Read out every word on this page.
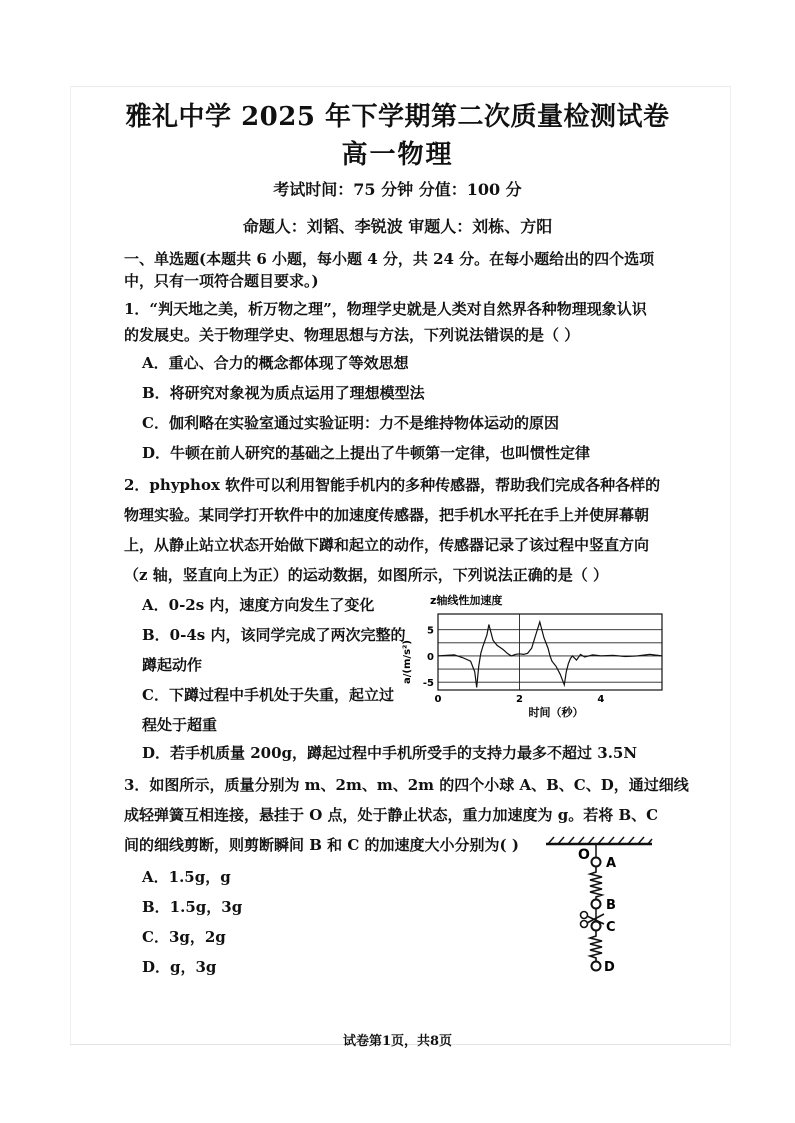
雅礼中学 2025 年下学期第二次质量检测试卷
高一物理
考试时间：75 分钟 分值：100 分
命题人：刘韬、李锐波 审题人：刘栋、方阳
一、单选题(本题共 6 小题，每小题 4 分，共 24 分。在每小题给出的四个选项
中，只有一项符合题目要求。)
1．“判天地之美，析万物之理”，物理学史就是人类对自然界各种物理现象认识
的发展史。关于物理学史、物理思想与方法，下列说法错误的是（ ）
A．重心、合力的概念都体现了等效思想
B．将研究对象视为质点运用了理想模型法
C．伽利略在实验室通过实验证明：力不是维持物体运动的原因
D．牛顿在前人研究的基础之上提出了牛顿第一定律，也叫惯性定律
2．phyphox 软件可以利用智能手机内的多种传感器，帮助我们完成各种各样的
物理实验。某同学打开软件中的加速度传感器，把手机水平托在手上并使屏幕朝
上，从静止站立状态开始做下蹲和起立的动作，传感器记录了该过程中竖直方向
（z 轴，竖直向上为正）的运动数据，如图所示，下列说法正确的是（ ）
A．0-2s 内，速度方向发生了变化
B．0-4s 内，该同学完成了两次完整的
蹲起动作
C．下蹲过程中手机处于失重，起立过
程处于超重
D．若手机质量 200g，蹲起过程中手机所受手的支持力最多不超过 3.5N
z轴线性加速度
a/(m/s²)
5
0
-5
0	2	4
时间（秒）
3．如图所示，质量分别为 m、2m、m、2m 的四个小球 A、B、C、D，通过细线
成轻弹簧互相连接，悬挂于 O 点，处于静止状态，重力加速度为 g。若将 B、C
间的细线剪断，则剪断瞬间 B 和 C 的加速度大小分别为( )
A．1.5g，g
B．1.5g，3g
C．3g，2g
D．g，3g
O
A
B
C
D
试卷第1页，共8页
